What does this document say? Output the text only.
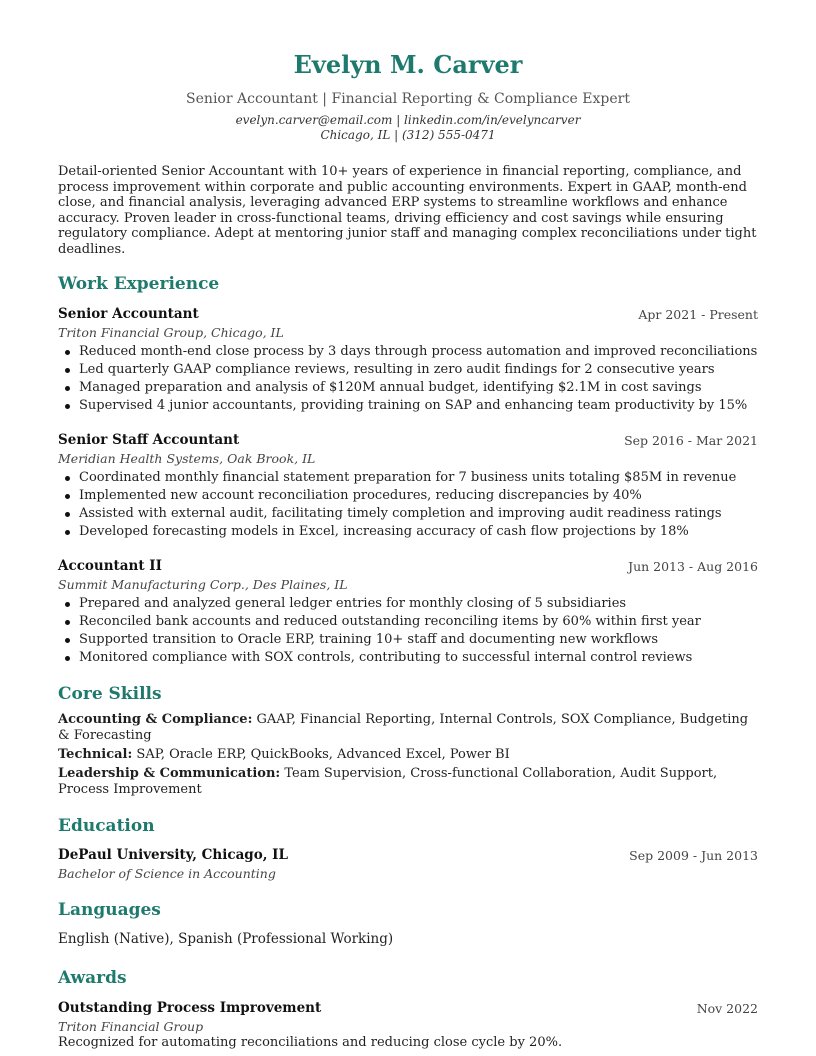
Evelyn M. Carver
Senior Accountant | Financial Reporting & Compliance Expert
evelyn.carver@email.com | linkedin.com/in/evelyncarver
Chicago, IL | (312) 555-0471
Detail-oriented Senior Accountant with 10+ years of experience in financial reporting, compliance, and process improvement within corporate and public accounting environments. Expert in GAAP, month-end close, and financial analysis, leveraging advanced ERP systems to streamline workflows and enhance accuracy. Proven leader in cross-functional teams, driving efficiency and cost savings while ensuring regulatory compliance. Adept at mentoring junior staff and managing complex reconciliations under tight deadlines.
Work Experience
Senior Accountant	Apr 2021 - Present
Triton Financial Group, Chicago, IL
Reduced month-end close process by 3 days through process automation and improved reconciliations
Led quarterly GAAP compliance reviews, resulting in zero audit findings for 2 consecutive years
Managed preparation and analysis of $120M annual budget, identifying $2.1M in cost savings
Supervised 4 junior accountants, providing training on SAP and enhancing team productivity by 15%
Senior Staff Accountant	Sep 2016 - Mar 2021
Meridian Health Systems, Oak Brook, IL
Coordinated monthly financial statement preparation for 7 business units totaling $85M in revenue
Implemented new account reconciliation procedures, reducing discrepancies by 40%
Assisted with external audit, facilitating timely completion and improving audit readiness ratings
Developed forecasting models in Excel, increasing accuracy of cash flow projections by 18%
Accountant II	Jun 2013 - Aug 2016
Summit Manufacturing Corp., Des Plaines, IL
Prepared and analyzed general ledger entries for monthly closing of 5 subsidiaries
Reconciled bank accounts and reduced outstanding reconciling items by 60% within first year
Supported transition to Oracle ERP, training 10+ staff and documenting new workflows
Monitored compliance with SOX controls, contributing to successful internal control reviews
Core Skills
Accounting & Compliance: GAAP, Financial Reporting, Internal Controls, SOX Compliance, Budgeting & Forecasting
Technical: SAP, Oracle ERP, QuickBooks, Advanced Excel, Power BI
Leadership & Communication: Team Supervision, Cross-functional Collaboration, Audit Support, Process Improvement
Education
DePaul University, Chicago, IL	Sep 2009 - Jun 2013
Bachelor of Science in Accounting
Languages
English (Native), Spanish (Professional Working)
Awards
Outstanding Process Improvement	Nov 2022
Triton Financial Group
Recognized for automating reconciliations and reducing close cycle by 20%.
